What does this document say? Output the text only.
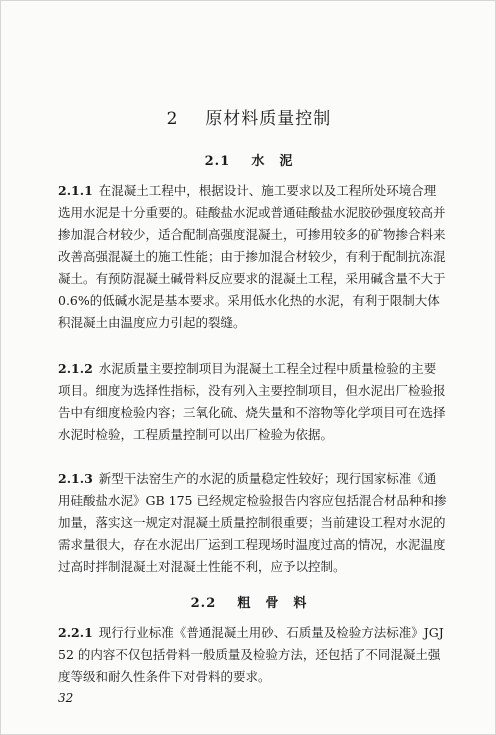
2 原材料质量控制
2.1 水　泥

2.1.1 在混凝土工程中，根据设计、施工要求以及工程所处环境合理选用水泥是十分重要的。硅酸盐水泥或普通硅酸盐水泥胶砂强度较高并掺加混合材较少，适合配制高强度混凝土，可掺用较多的矿物掺合料来改善高强混凝土的施工性能；由于掺加混合材较少，有利于配制抗冻混凝土。有预防混凝土碱骨料反应要求的混凝土工程，采用碱含量不大于 0.6%的低碱水泥是基本要求。采用低水化热的水泥，有利于限制大体积混凝土由温度应力引起的裂缝。

2.1.2 水泥质量主要控制项目为混凝土工程全过程中质量检验的主要项目。细度为选择性指标，没有列入主要控制项目，但水泥出厂检验报告中有细度检验内容；三氧化硫、烧失量和不溶物等化学项目可在选择水泥时检验，工程质量控制可以出厂检验为依据。

2.1.3 新型干法窑生产的水泥的质量稳定性较好；现行国家标准《通用硅酸盐水泥》GB 175 已经规定检验报告内容应包括混合材品种和掺加量，落实这一规定对混凝土质量控制很重要；当前建设工程对水泥的需求量很大，存在水泥出厂运到工程现场时温度过高的情况，水泥温度过高时拌制混凝土对混凝土性能不利，应予以控制。

2.2 粗　骨　料

2.2.1 现行行业标准《普通混凝土用砂、石质量及检验方法标准》JGJ 52 的内容不仅包括骨料一般质量及检验方法，还包括了不同混凝土强度等级和耐久性条件下对骨料的要求。

32
